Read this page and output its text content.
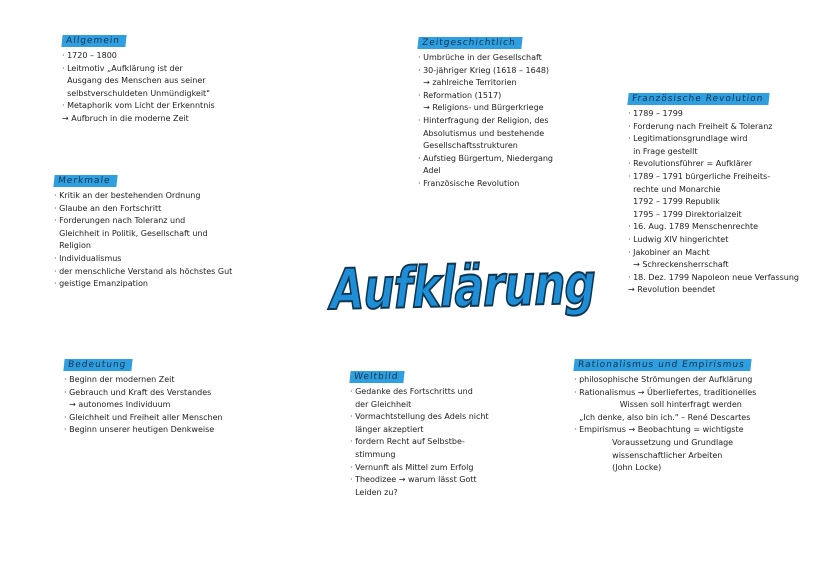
Allgemein
· 1720 – 1800
· Leitmotiv „Aufklärung ist der
Ausgang des Menschen aus seiner
selbstverschuldeten Unmündigkeit"
· Metaphorik vom Licht der Erkenntnis
→ Aufbruch in die moderne Zeit
Merkmale
· Kritik an der bestehenden Ordnung
· Glaube an den Fortschritt
· Forderungen nach Toleranz und
Gleichheit in Politik, Gesellschaft und
Religion
· Individualismus
· der menschliche Verstand als höchstes Gut
· geistige Emanzipation
Bedeutung
· Beginn der modernen Zeit
· Gebrauch und Kraft des Verstandes
→ autonomes Individuum
· Gleichheit und Freiheit aller Menschen
· Beginn unserer heutigen Denkweise
Zeitgeschichtlich
· Umbrüche in der Gesellschaft
· 30-jähriger Krieg (1618 – 1648)
→ zahlreiche Territorien
· Reformation (1517)
→ Religions- und Bürgerkriege
· Hinterfragung der Religion, des
Absolutismus und bestehende
Gesellschaftsstrukturen
· Aufstieg Bürgertum, Niedergang
Adel
· Französische Revolution
Weltbild
· Gedanke des Fortschritts und
der Gleichheit
· Vormachtstellung des Adels nicht
länger akzeptiert
· fordern Recht auf Selbstbe-
stimmung
· Vernunft als Mittel zum Erfolg
· Theodizee → warum lässt Gott
Leiden zu?
Französische Revolution
· 1789 – 1799
· Forderung nach Freiheit & Toleranz
· Legitimationsgrundlage wird
in Frage gestellt
· Revolutionsführer = Aufklärer
· 1789 – 1791 bürgerliche Freiheits-
rechte und Monarchie
1792 – 1799 Republik
1795 – 1799 Direktorialzeit
· 16. Aug. 1789 Menschenrechte
· Ludwig XIV hingerichtet
· Jakobiner an Macht
→ Schreckensherrschaft
· 18. Dez. 1799 Napoleon neue Verfassung
→ Revolution beendet
Rationalismus und Empirismus
· philosophische Strömungen der Aufklärung
· Rationalismus → Überliefertes, traditionelles
Wissen soll hinterfragt werden
„Ich denke, also bin ich." – René Descartes
· Empirismus → Beobachtung = wichtigste
Voraussetzung und Grundlage
wissenschaftlicher Arbeiten
(John Locke)
Aufklärung
